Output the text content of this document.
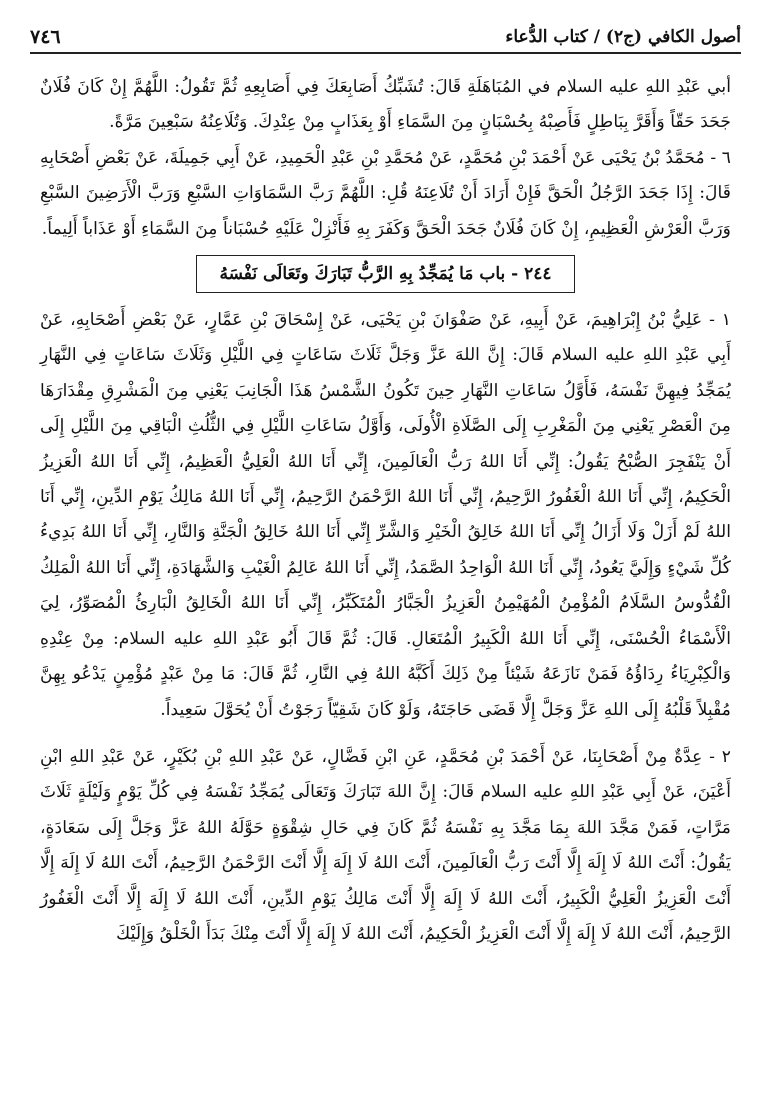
أصول الكافي (ج٢) / كتاب الدُّعاء
٧٤٦

أبي عَبْدِ اللهِ عليه السلام في المُبَاهَلَةِ قَالَ: تُشَبِّكُ أَصَابِعَكَ فِي أَصَابِعِهِ ثُمَّ تَقُولُ: اللَّهُمَّ إِنْ كَانَ فُلَانٌ جَحَدَ حَقّاً وَأَقَرَّ بِبَاطِلٍ فَأَصِبْهُ بِحُسْبَانٍ مِنَ السَّمَاءِ أَوْ بِعَذَابٍ مِنْ عِنْدِكَ. وَتُلَاعِنُهُ سَبْعِينَ مَرَّةً.

٦ - مُحَمَّدُ بْنُ يَحْيَى عَنْ أَحْمَدَ بْنِ مُحَمَّدٍ، عَنْ مُحَمَّدِ بْنِ عَبْدِ الْحَمِيدِ، عَنْ أَبِي جَمِيلَةَ، عَنْ بَعْضِ أَصْحَابِهِ قَالَ: إِذَا جَحَدَ الرَّجُلُ الْحَقَّ فَإِنْ أَرَادَ أَنْ تُلَاعِنَهُ قُلِ: اللَّهُمَّ رَبَّ السَّمَاوَاتِ السَّبْعِ وَرَبَّ الْأَرَضِينَ السَّبْعِ وَرَبَّ الْعَرْشِ الْعَظِيمِ، إِنْ كَانَ فُلَانٌ جَحَدَ الْحَقَّ وَكَفَرَ بِهِ فَأَنْزِلْ عَلَيْهِ حُسْبَاناً مِنَ السَّمَاءِ أَوْ عَذَاباً أَلِيماً.

٢٤٤ - باب مَا يُمَجِّدُ بِهِ الرَّبُّ تَبَارَكَ وتَعَالَى نَفْسَهُ

١ - عَلِيُّ بْنُ إِبْرَاهِيمَ، عَنْ أَبِيهِ، عَنْ صَفْوَانَ بْنِ يَحْيَى، عَنْ إِسْحَاقَ بْنِ عَمَّارٍ، عَنْ بَعْضِ أَصْحَابِهِ، عَنْ أَبِي عَبْدِ اللهِ عليه السلام قَالَ: إِنَّ اللهَ عَزَّ وَجَلَّ ثَلَاثَ سَاعَاتٍ فِي اللَّيْلِ وَثَلَاثَ سَاعَاتٍ فِي النَّهَارِ يُمَجِّدُ فِيهِنَّ نَفْسَهُ، فَأَوَّلُ سَاعَاتِ النَّهَارِ حِينَ تَكُونُ الشَّمْسُ هَذَا الْجَانِبَ يَعْنِي مِنَ الْمَشْرِقِ مِقْدَارَهَا مِنَ الْعَصْرِ يَعْنِي مِنَ الْمَغْرِبِ إِلَى الصَّلَاةِ الْأُولَى، وَأَوَّلُ سَاعَاتِ اللَّيْلِ فِي الثُّلُثِ الْبَاقِي مِنَ اللَّيْلِ إِلَى أَنْ يَنْفَجِرَ الصُّبْحُ يَقُولُ: إِنِّي أَنَا اللهُ رَبُّ الْعَالَمِينَ، إِنِّي أَنَا اللهُ الْعَلِيُّ الْعَظِيمُ، إِنِّي أَنَا اللهُ الْعَزِيزُ الْحَكِيمُ، إِنِّي أَنَا اللهُ الْغَفُورُ الرَّحِيمُ، إِنِّي أَنَا اللهُ الرَّحْمَنُ الرَّحِيمُ، إِنِّي أَنَا اللهُ مَالِكُ يَوْمِ الدِّينِ، إِنِّي أَنَا اللهُ لَمْ أَزَلْ وَلَا أَزَالُ إِنِّي أَنَا اللهُ خَالِقُ الْخَيْرِ وَالشَّرِّ إِنِّي أَنَا اللهُ خَالِقُ الْجَنَّةِ وَالنَّارِ، إِنِّي أَنَا اللهُ بَدِيءُ كُلِّ شَيْءٍ وَإِلَيَّ يَعُودُ، إِنِّي أَنَا اللهُ الْوَاحِدُ الصَّمَدُ، إِنِّي أَنَا اللهُ عَالِمُ الْغَيْبِ وَالشَّهَادَةِ، إِنِّي أَنَا اللهُ الْمَلِكُ الْقُدُّوسُ السَّلَامُ الْمُؤْمِنُ الْمُهَيْمِنُ الْعَزِيزُ الْجَبَّارُ الْمُتَكَبِّرُ، إِنِّي أَنَا اللهُ الْخَالِقُ الْبَارِئُ الْمُصَوِّرُ، لِيَ الْأَسْمَاءُ الْحُسْنَى، إِنِّي أَنَا اللهُ الْكَبِيرُ الْمُتَعَالِ. قَالَ: ثُمَّ قَالَ أَبُو عَبْدِ اللهِ عليه السلام: مِنْ عِنْدِهِ وَالْكِبْرِيَاءُ رِدَاؤُهُ فَمَنْ نَازَعَهُ شَيْئاً مِنْ ذَلِكَ أَكَبَّهُ اللهُ فِي النَّارِ، ثُمَّ قَالَ: مَا مِنْ عَبْدٍ مُؤْمِنٍ يَدْعُو بِهِنَّ مُقْبِلاً قَلْبُهُ إِلَى اللهِ عَزَّ وَجَلَّ إِلَّا قَضَى حَاجَتَهُ، وَلَوْ كَانَ شَقِيّاً رَجَوْتُ أَنْ يُحَوَّلَ سَعِيداً.

٢ - عِدَّةٌ مِنْ أَصْحَابِنَا، عَنْ أَحْمَدَ بْنِ مُحَمَّدٍ، عَنِ ابْنِ فَضَّالٍ، عَنْ عَبْدِ اللهِ بْنِ بُكَيْرٍ، عَنْ عَبْدِ اللهِ ابْنِ أَعْيَنَ، عَنْ أَبِي عَبْدِ اللهِ عليه السلام قَالَ: إِنَّ اللهَ تَبَارَكَ وَتَعَالَى يُمَجِّدُ نَفْسَهُ فِي كُلِّ يَوْمٍ وَلَيْلَةٍ ثَلَاثَ مَرَّاتٍ، فَمَنْ مَجَّدَ اللهَ بِمَا مَجَّدَ بِهِ نَفْسَهُ ثُمَّ كَانَ فِي حَالِ شِقْوَةٍ حَوَّلَهُ اللهُ عَزَّ وَجَلَّ إِلَى سَعَادَةٍ، يَقُولُ: أَنْتَ اللهُ لَا إِلَهَ إِلَّا أَنْتَ رَبُّ الْعَالَمِينَ، أَنْتَ اللهُ لَا إِلَهَ إِلَّا أَنْتَ الرَّحْمَنُ الرَّحِيمُ، أَنْتَ اللهُ لَا إِلَهَ إِلَّا أَنْتَ الْعَزِيزُ الْعَلِيُّ الْكَبِيرُ، أَنْتَ اللهُ لَا إِلَهَ إِلَّا أَنْتَ مَالِكُ يَوْمِ الدِّينِ، أَنْتَ اللهُ لَا إِلَهَ إِلَّا أَنْتَ الْغَفُورُ الرَّحِيمُ، أَنْتَ اللهُ لَا إِلَهَ إِلَّا أَنْتَ الْعَزِيزُ الْحَكِيمُ، أَنْتَ اللهُ لَا إِلَهَ إِلَّا أَنْتَ مِنْكَ بَدَأَ الْخَلْقُ وَإِلَيْكَ
